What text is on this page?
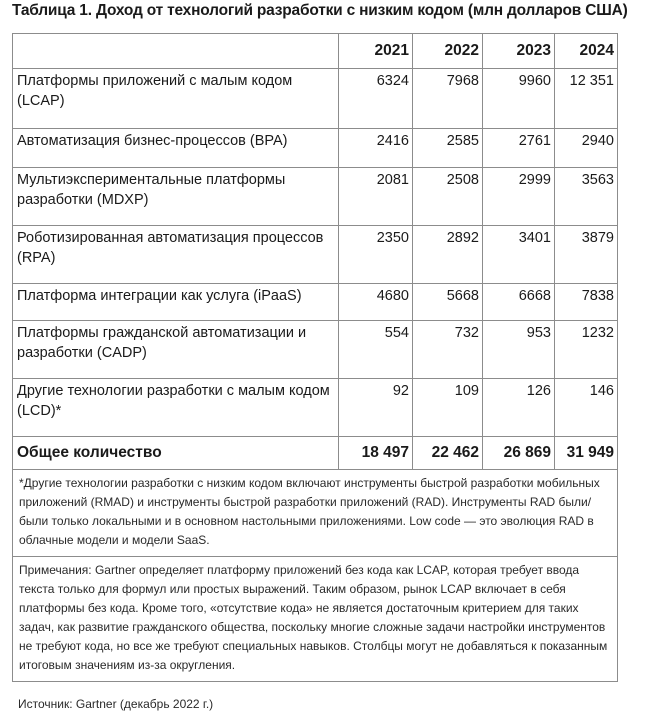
Таблица 1. Доход от технологий разработки с низким кодом (млн долларов США)
	2021	2022	2023	2024
Платформы приложений с малым кодом (LCAP)	6324	7968	9960	12 351
Автоматизация бизнес-процессов (BPA)	2416	2585	2761	2940
Мультиэкспериментальные платформы разработки (MDXP)	2081	2508	2999	3563
Роботизированная автоматизация процессов (RPA)	2350	2892	3401	3879
Платформа интеграции как услуга (iPaaS)	4680	5668	6668	7838
Платформы гражданской автоматизации и разработки (CADP)	554	732	953	1232
Другие технологии разработки с малым кодом (LCD)*	92	109	126	146
Общее количество	18 497	22 462	26 869	31 949
*Другие технологии разработки с низким кодом включают инструменты быстрой разработки мобильных приложений (RMAD) и инструменты быстрой разработки приложений (RAD). Инструменты RAD были/были только локальными и в основном настольными приложениями. Low code — это эволюция RAD в облачные модели и модели SaaS.				
Примечания: Gartner определяет платформу приложений без кода как LCAP, которая требует ввода текста только для формул или простых выражений. Таким образом, рынок LCAP включает в себя платформы без кода. Кроме того, «отсутствие кода» не является достаточным критерием для таких задач, как развитие гражданского общества, поскольку многие сложные задачи настройки инструментов не требуют кода, но все же требуют специальных навыков. Столбцы могут не добавляться к показанным итоговым значениям из-за округления.				
Источник: Gartner (декабрь 2022 г.)
